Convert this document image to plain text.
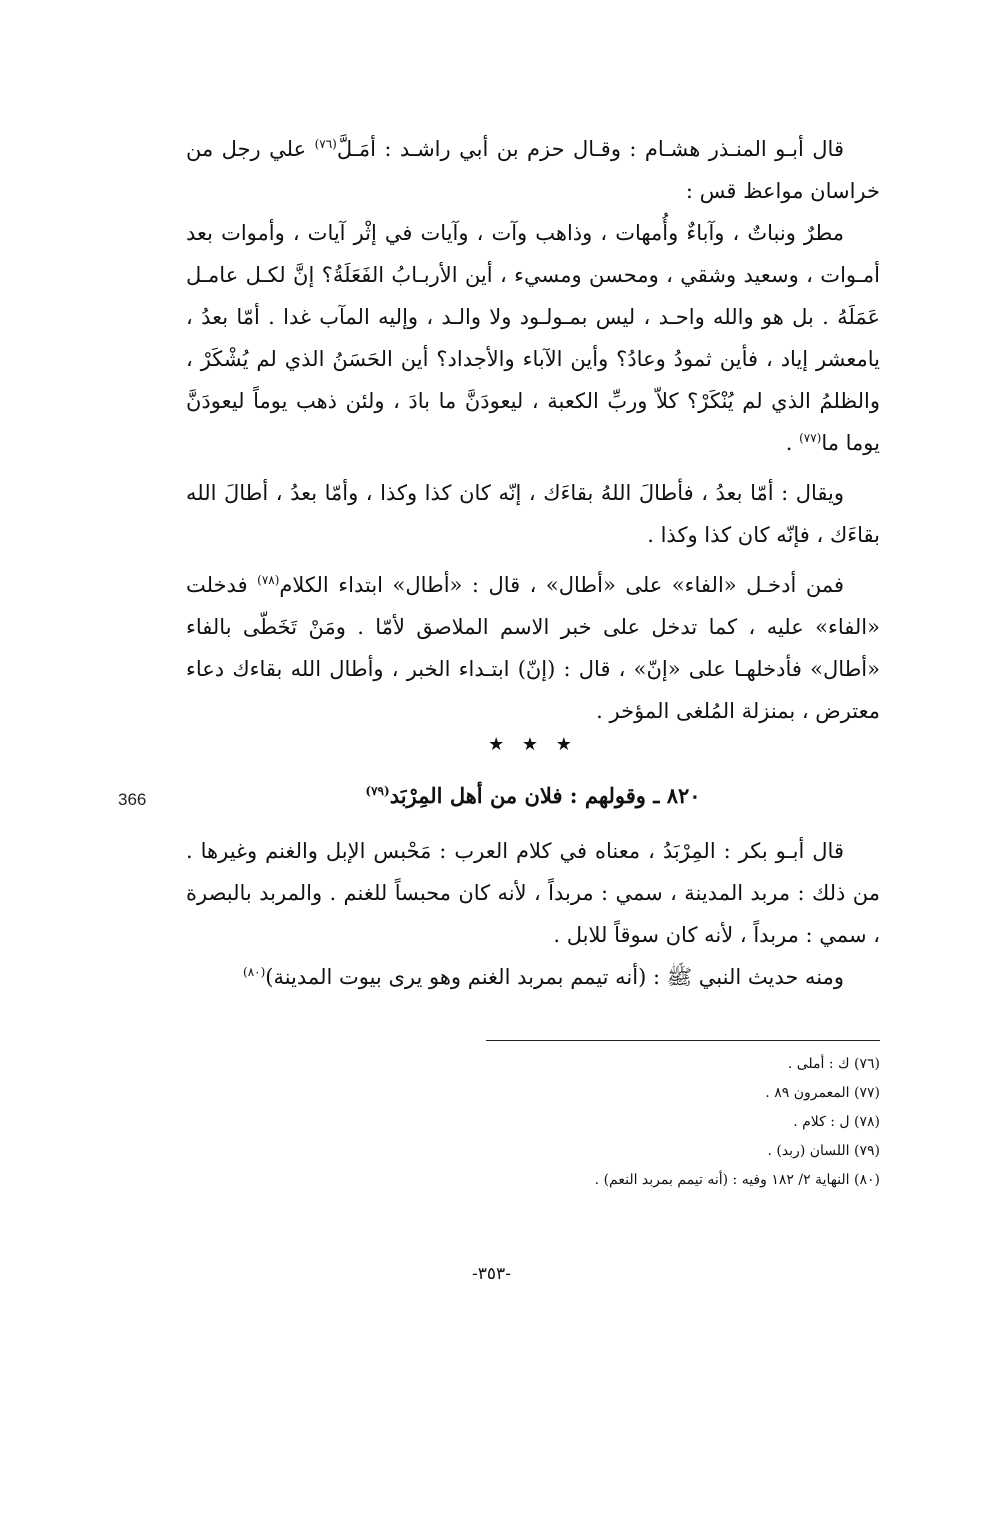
قال أبـو المنـذر هشـام : وقـال حزم بن أبي راشـد : أمَـلَّ$^{(٧٦)}$ علي رجل من خراسان مواعظ قس :

مطرٌ ونباتٌ ، وآباءٌ وأُمهات ، وذاهب وآت ، وآيات في إثْر آيات ، وأموات بعد أمـوات ، وسعيد وشقي ، ومحسن ومسيء ، أين الأربـابُ الفَعَلَةُ؟ إنَّ لكـل عامـل عَمَلَهُ . بل هو والله واحـد ، ليس بمـولـود ولا والـد ، وإليه المآب غدا . أمّا بعدُ ، يامعشر إياد ، فأين ثمودُ وعادُ؟ وأين الآباء والأجداد؟ أين الحَسَنُ الذي لم يُشْكَرْ ، والظلمُ الذي لم يُنْكَرْ؟ كلاّ وربِّ الكعبة ، ليعودَنَّ ما بادَ ، ولئن ذهب يوماً ليعودَنَّ يوما ما$^{(٧٧)}$ .

ويقال : أمّا بعدُ ، فأطالَ اللهُ بقاءَك ، إنّه كان كذا وكذا ، وأمّا بعدُ ، أطالَ الله بقاءَك ، فإنّه كان كذا وكذا .

فمن أدخـل «الفاء» على «أطال» ، قال : «أطال» ابتداء الكلام$^{(٧٨)}$ فدخلت «الفاء» عليه ، كما تدخل على خبر الاسم الملاصق لأمّا . ومَنْ تَخَطّى بالفاء «أطال» فأدخلهـا على «إنّ» ، قال : (إنّ) ابتـداء الخبر ، وأطال الله بقاءك دعاء معترض ، بمنزلة المُلغى المؤخر .

★ ★ ★
٨٢٠ ـ وقولهم : فلان من أهل المِرْبَد$^{(٧٩)}$
366

قال أبـو بكر : المِرْبَدُ ، معناه في كلام العرب : مَحْبس الإبل والغنم وغيرها . من ذلك : مربد المدينة ، سمي : مربداً ، لأنه كان محبساً للغنم . والمربد بالبصرة ، سمي : مربداً ، لأنه كان سوقاً للابل .

ومنه حديث النبي ﷺ : (أنه تيمم بمربد الغنم وهو يرى بيوت المدينة)$^{(٨٠)}$

(٧٦) ك : أملى .
(٧٧) المعمرون ٨٩ .
(٧٨) ل : كلام .
(٧٩) اللسان (ربد) .
(٨٠) النهاية ٢/ ١٨٢ وفيه : (أنه تيمم بمربد النعم) .
-٣٥٣-
